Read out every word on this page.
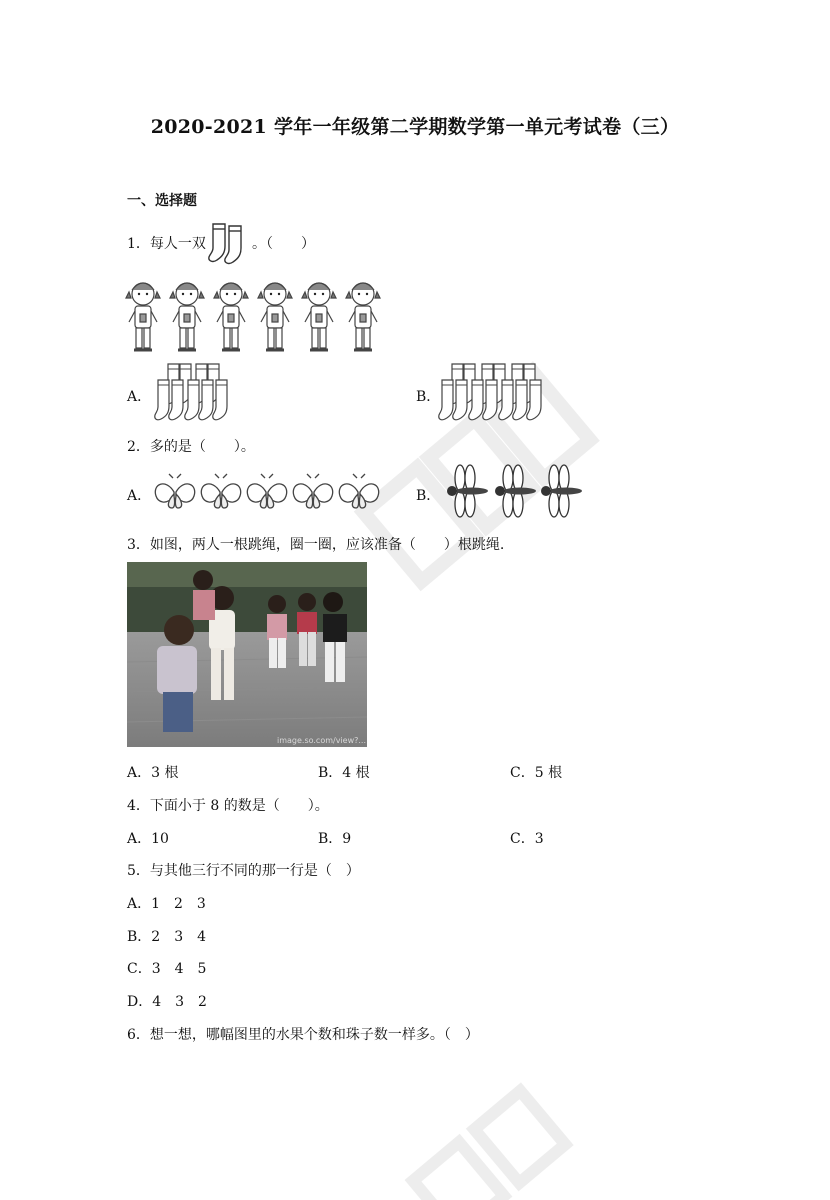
2020-2021 学年一年级第二学期数学第一单元考试卷（三）
一、选择题
1．每人一双	。（　　）
A．	B．
2．多的是（　　）。
A．	B．
3．如图，两人一根跳绳，圈一圈，应该准备（　　）根跳绳.
image.so.com/view?...
A．3 根	B．4 根	C．5 根
4．下面小于 8 的数是（　　）。
A．10	B．9	C．3
5．与其他三行不同的那一行是（　）
A．1　2　3
B．2　3　4
C．3　4　5
D．4　3　2
6．想一想，哪幅图里的水果个数和珠子数一样多。（　）
